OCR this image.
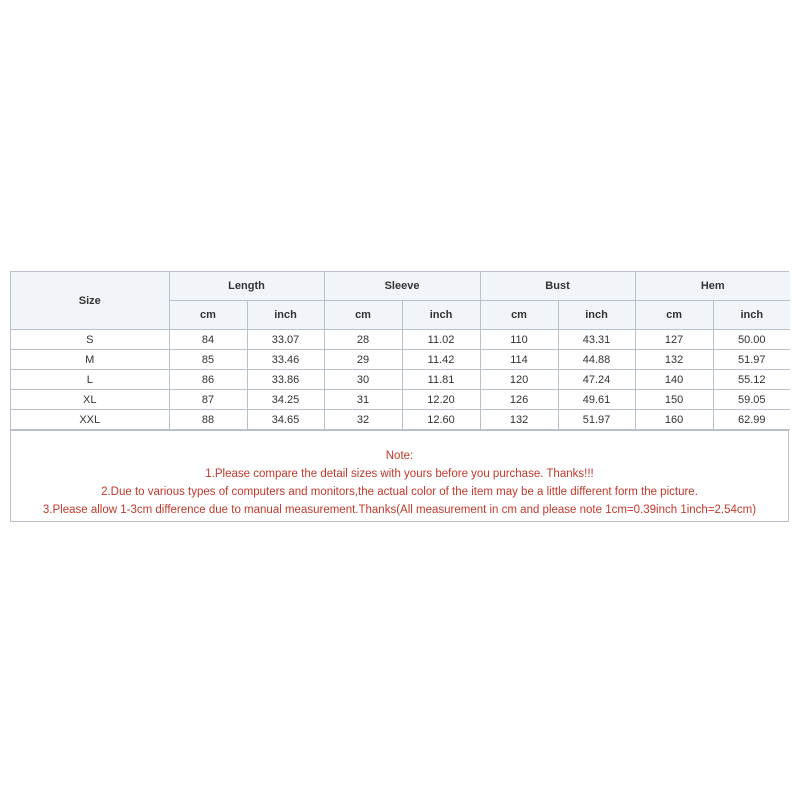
Size	Length		Sleeve		Bust		Hem	
	cm	inch	cm	inch	cm	inch	cm	inch
S	84	33.07	28	11.02	110	43.31	127	50.00
M	85	33.46	29	11.42	114	44.88	132	51.97
L	86	33.86	30	11.81	120	47.24	140	55.12
XL	87	34.25	31	12.20	126	49.61	150	59.05
XXL	88	34.65	32	12.60	132	51.97	160	62.99
Note:
1.Please compare the detail sizes with yours before you purchase. Thanks!!!
2.Due to various types of computers and monitors,the actual color of the item may be a little different form the picture.
3.Please allow 1-3cm difference due to manual measurement.Thanks(All measurement in cm and please note 1cm=0.39inch 1inch=2.54cm)
